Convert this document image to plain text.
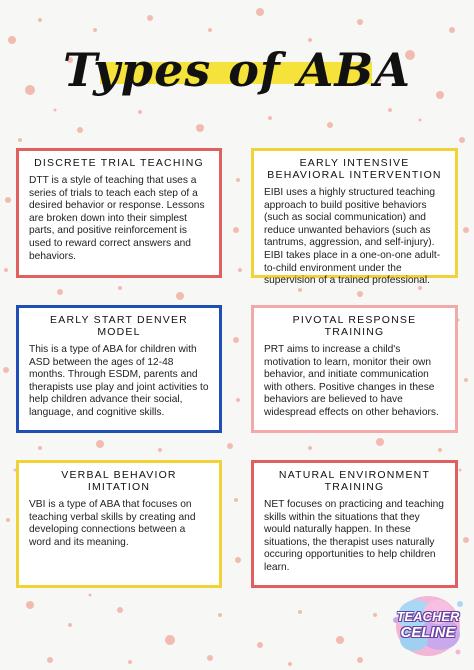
Types of ABA
DISCRETE TRIAL TEACHING

DTT is a style of teaching that uses a series of trials to teach each step of a desired behavior or response. Lessons are broken down into their simplest parts, and positive reinforcement is used to reward correct answers and behaviors.

EARLY INTENSIVE BEHAVIORAL INTERVENTION

EIBI uses a highly structured teaching approach to build positive behaviors (such as social communication) and reduce unwanted behaviors (such as tantrums, aggression, and self-injury). EIBI takes place in a one-on-one adult-to-child environment under the supervision of a trained professional.

EARLY START DENVER MODEL

This is a type of ABA for children with ASD between the ages of 12-48 months. Through ESDM, parents and therapists use play and joint activities to help children advance their social, language, and cognitive skills.

PIVOTAL RESPONSE TRAINING

PRT aims to increase a child's motivation to learn, monitor their own behavior, and initiate communication with others. Positive changes in these behaviors are believed to have widespread effects on other behaviors.

VERBAL BEHAVIOR IMITATION

VBI is a type of ABA that focuses on teaching verbal skills by creating and developing connections between a word and its meaning.

NATURAL ENVIRONMENT TRAINING

NET focuses on practicing and teaching skills within the situations that they would naturally happen. In these situations, the therapist uses naturally occuring opportunities to help children learn.

TEACHER
CELINE
